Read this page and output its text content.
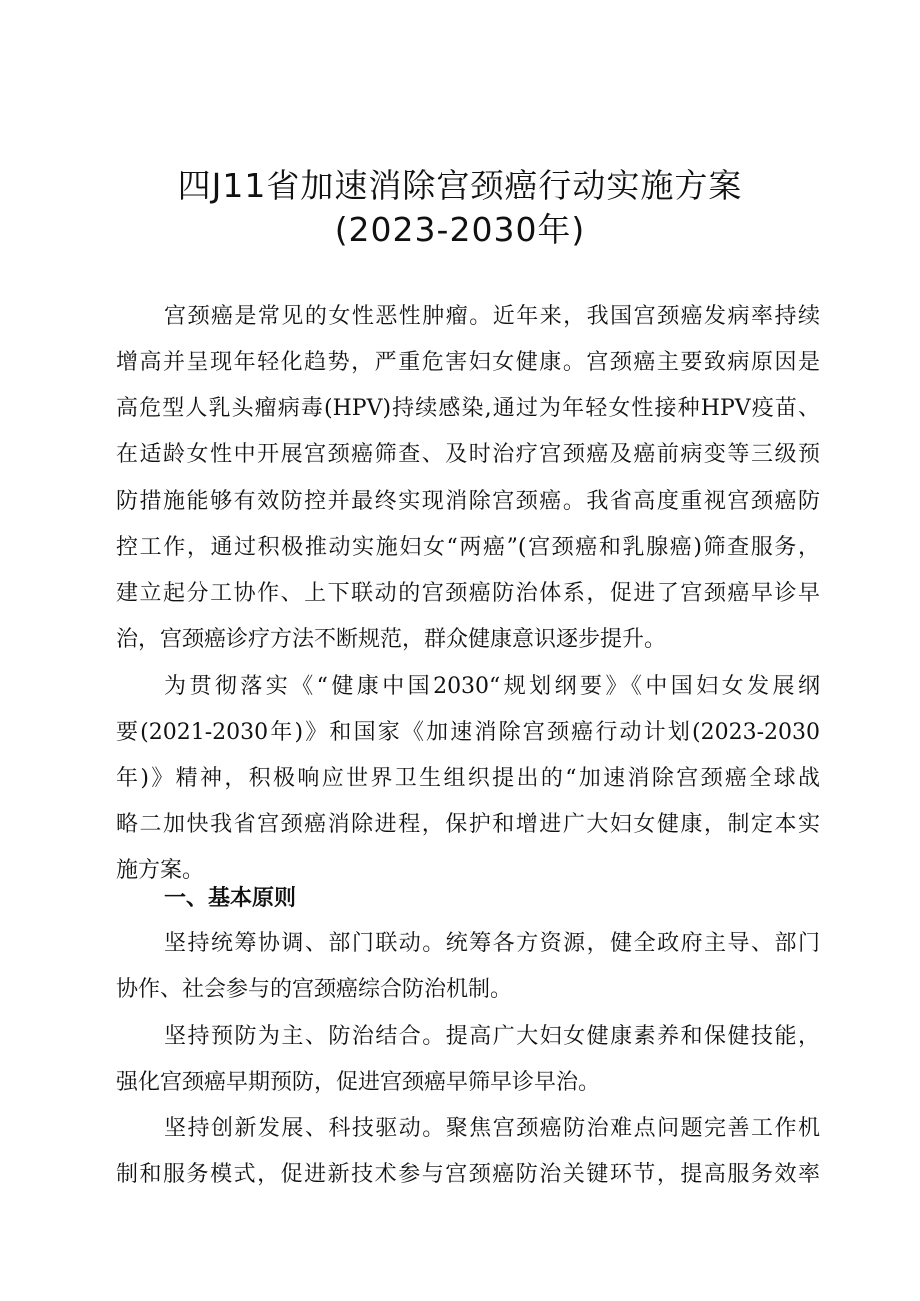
四J11省加速消除宫颈癌行动实施方案
(2023-2030年)
宫颈癌是常见的女性恶性肿瘤。近年来，我国宫颈癌发病率持续
增高并呈现年轻化趋势，严重危害妇女健康。宫颈癌主要致病原因是
高危型人乳头瘤病毒(HPV)持续感染,通过为年轻女性接种HPV疫苗、
在适龄女性中开展宫颈癌筛查、及时治疗宫颈癌及癌前病变等三级预
防措施能够有效防控并最终实现消除宫颈癌。我省高度重视宫颈癌防
控工作，通过积极推动实施妇女“两癌”(宫颈癌和乳腺癌)筛查服务，
建立起分工协作、上下联动的宫颈癌防治体系，促进了宫颈癌早诊早
治，宫颈癌诊疗方法不断规范，群众健康意识逐步提升。
为贯彻落实《“健康中国2030“规划纲要》《中国妇女发展纲
要(2021-2030年)》和国家《加速消除宫颈癌行动计划(2023-2030
年)》精神，积极响应世界卫生组织提出的“加速消除宫颈癌全球战
略二加快我省宫颈癌消除进程，保护和增进广大妇女健康，制定本实
施方案。
一、基本原则
坚持统筹协调、部门联动。统筹各方资源，健全政府主导、部门
协作、社会参与的宫颈癌综合防治机制。
坚持预防为主、防治结合。提高广大妇女健康素养和保健技能，
强化宫颈癌早期预防，促进宫颈癌早筛早诊早治。
坚持创新发展、科技驱动。聚焦宫颈癌防治难点问题完善工作机
制和服务模式，促进新技术参与宫颈癌防治关键环节，提高服务效率
